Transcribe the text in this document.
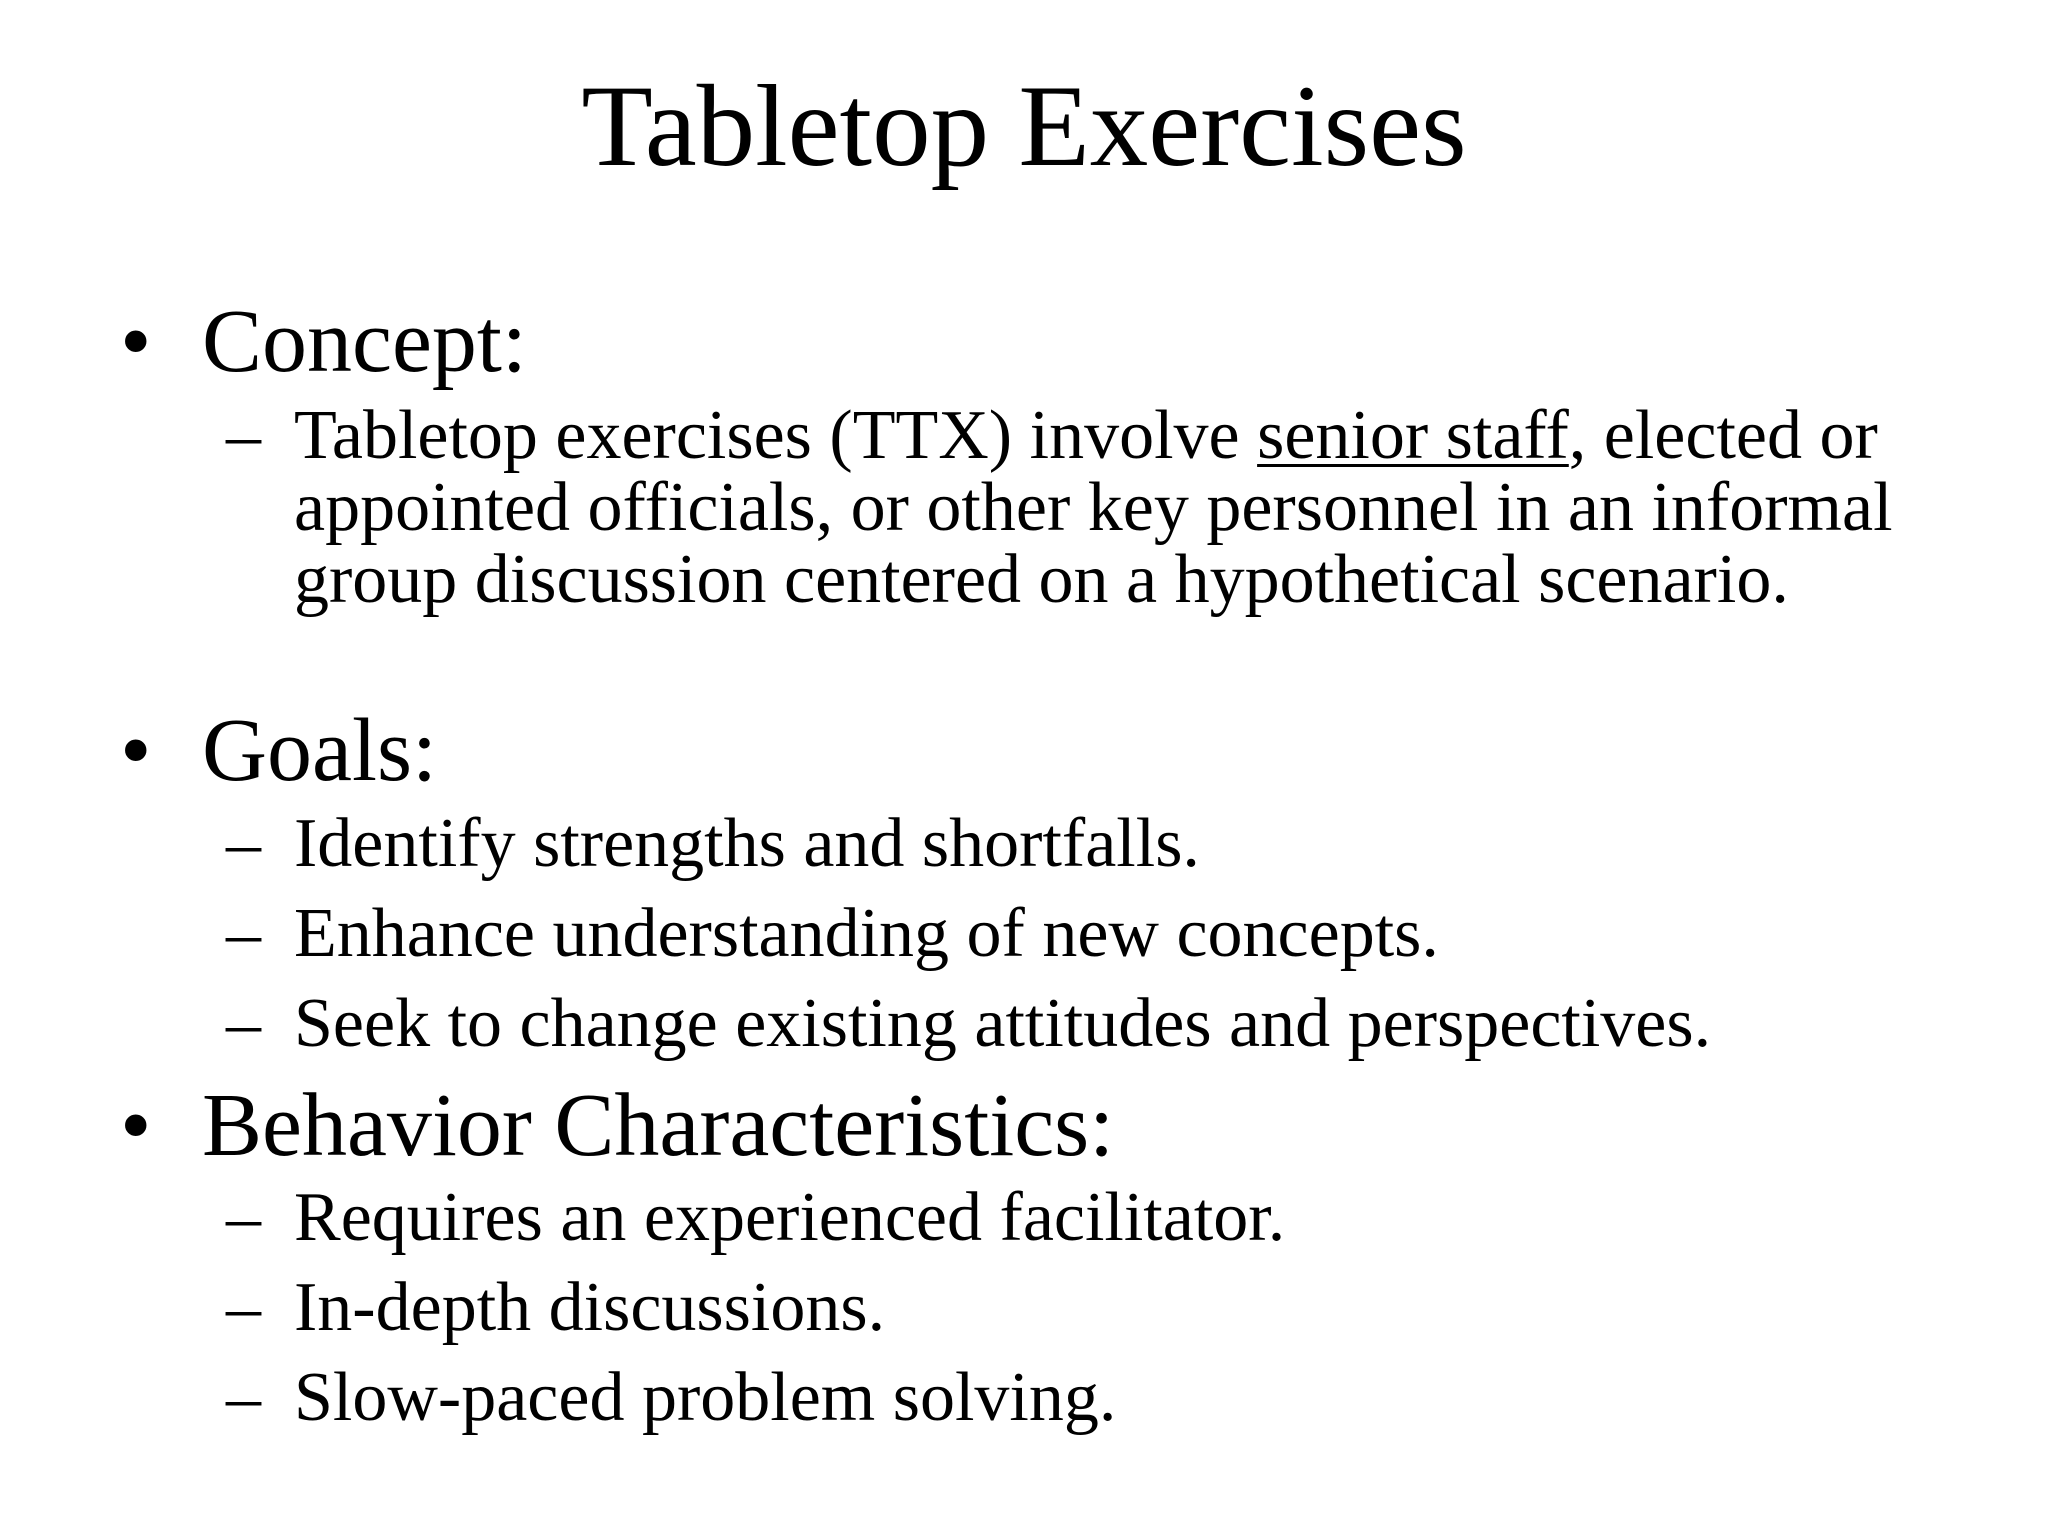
Tabletop Exercises
• Concept:
– Tabletop exercises (TTX) involve senior staff, elected or appointed officials, or other key personnel in an informal group discussion centered on a hypothetical scenario.
• Goals:
– Identify strengths and shortfalls.
– Enhance understanding of new concepts.
– Seek to change existing attitudes and perspectives.
• Behavior Characteristics:
– Requires an experienced facilitator.
– In-depth discussions.
– Slow-paced problem solving.
